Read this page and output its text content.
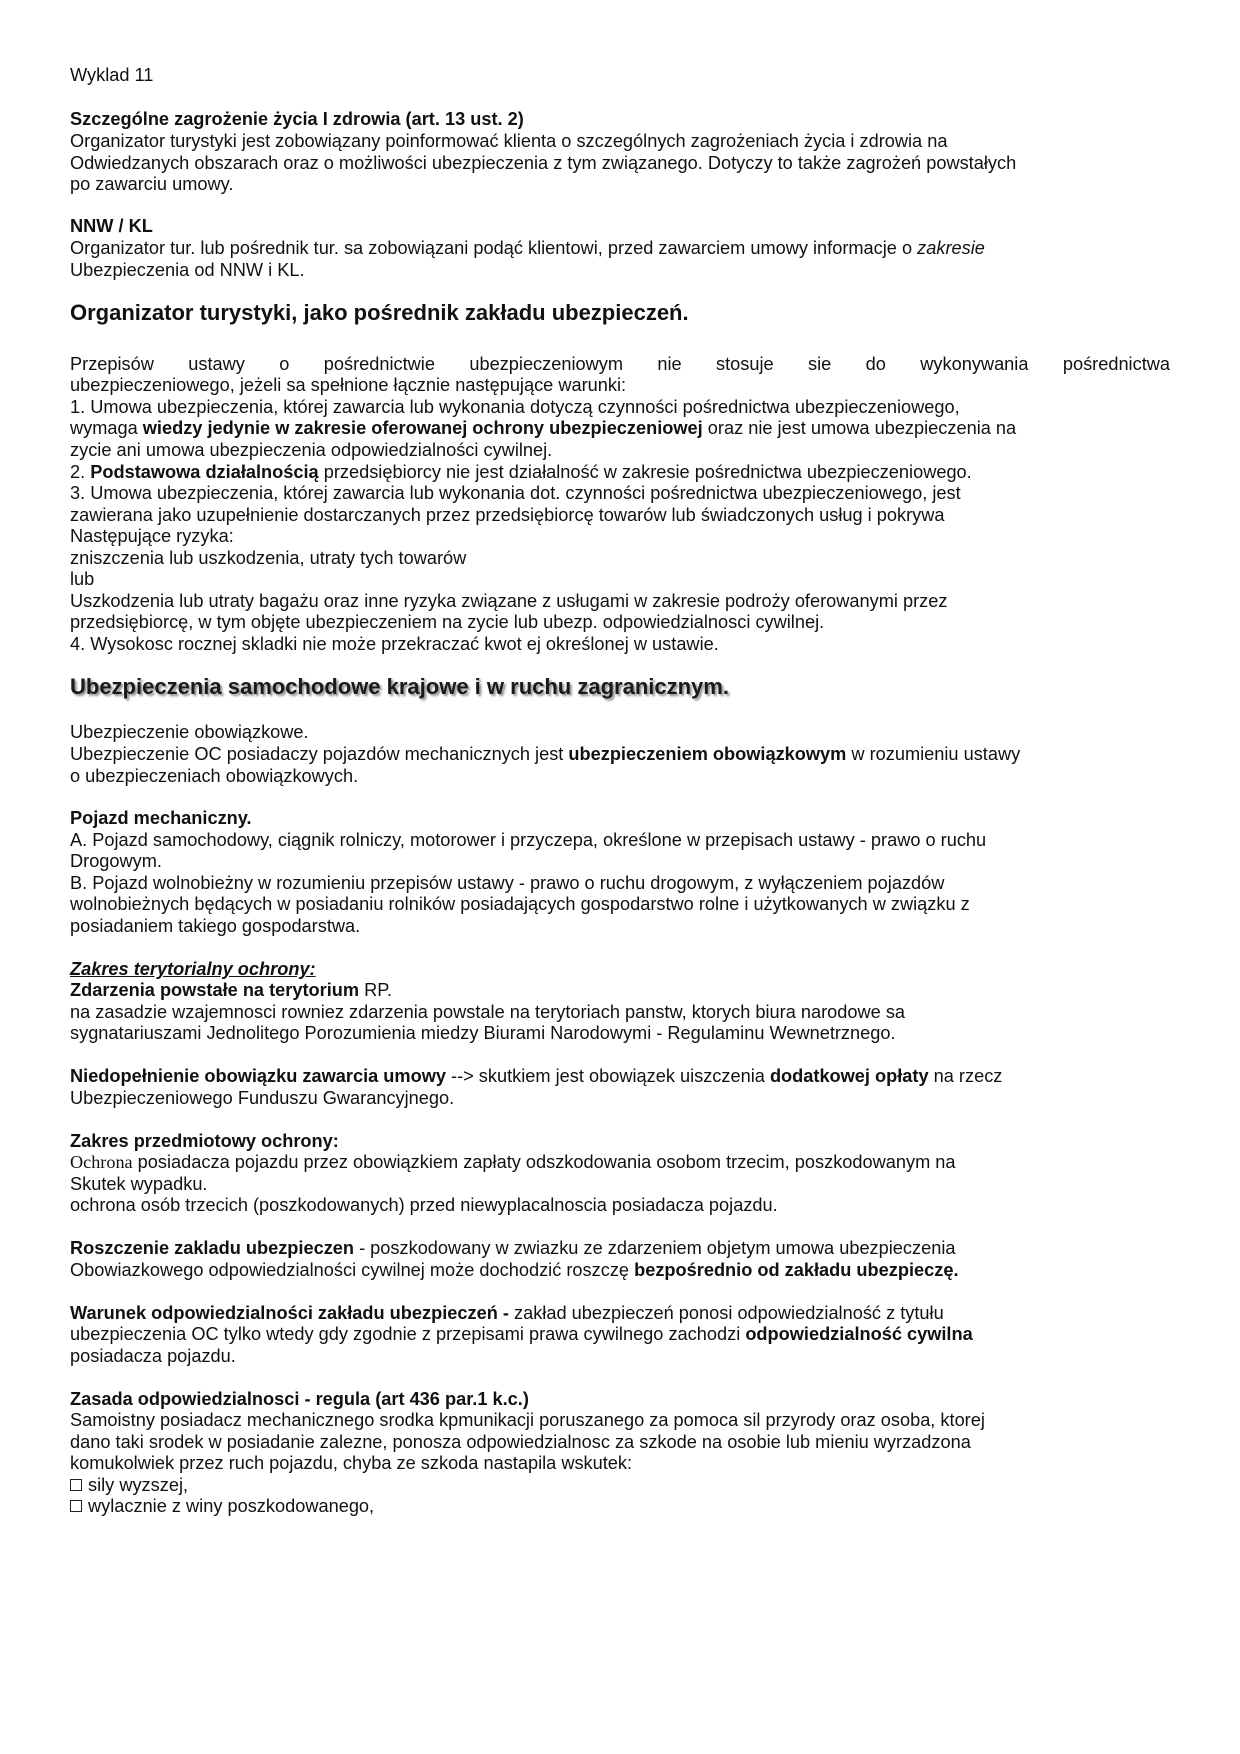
Wyklad 11
Szczególne zagrożenie życia I zdrowia (art. 13 ust. 2)
Organizator turystyki jest zobowiązany poinformować klienta o szczególnych zagrożeniach życia i zdrowia na
Odwiedzanych obszarach oraz o możliwości ubezpieczenia z tym związanego. Dotyczy to także zagrożeń powstałych
po zawarciu umowy.
NNW / KL
Organizator tur. lub pośrednik tur. sa zobowiązani podąć klientowi, przed zawarciem umowy informacje o zakresie
Ubezpieczenia od NNW i KL.
Organizator turystyki, jako pośrednik zakładu ubezpieczeń.
Przepisów ustawy o pośrednictwie ubezpieczeniowym nie stosuje sie do wykonywania pośrednictwa
ubezpieczeniowego, jeżeli sa spełnione łącznie następujące warunki:
1. Umowa ubezpieczenia, której zawarcia lub wykonania dotyczą czynności pośrednictwa ubezpieczeniowego,
wymaga wiedzy jedynie w zakresie oferowanej ochrony ubezpieczeniowej oraz nie jest umowa ubezpieczenia na
zycie ani umowa ubezpieczenia odpowiedzialności cywilnej.
2. Podstawowa działalnością przedsiębiorcy nie jest działalność w zakresie pośrednictwa ubezpieczeniowego.
3. Umowa ubezpieczenia, której zawarcia lub wykonania dot. czynności pośrednictwa ubezpieczeniowego, jest
zawierana jako uzupełnienie dostarczanych przez przedsiębiorcę towarów lub świadczonych usług i pokrywa
Następujące ryzyka:
zniszczenia lub uszkodzenia, utraty tych towarów
lub
Uszkodzenia lub utraty bagażu oraz inne ryzyka związane z usługami w zakresie podroży oferowanymi przez
przedsiębiorcę, w tym objęte ubezpieczeniem na zycie lub ubezp. odpowiedzialnosci cywilnej.
4. Wysokosc rocznej skladki nie może przekraczać kwot ej określonej w ustawie.
Ubezpieczenia samochodowe krajowe i w ruchu zagranicznym.
Ubezpieczenie obowiązkowe.
Ubezpieczenie OC posiadaczy pojazdów mechanicznych jest ubezpieczeniem obowiązkowym w rozumieniu ustawy
o ubezpieczeniach obowiązkowych.
Pojazd mechaniczny.
A. Pojazd samochodowy, ciągnik rolniczy, motorower i przyczepa, określone w przepisach ustawy - prawo o ruchu
Drogowym.
B. Pojazd wolnobieżny w rozumieniu przepisów ustawy - prawo o ruchu drogowym, z wyłączeniem pojazdów
wolnobieżnych będących w posiadaniu rolników posiadających gospodarstwo rolne i użytkowanych w związku z
posiadaniem takiego gospodarstwa.
Zakres terytorialny ochrony:
Zdarzenia powstałe na terytorium RP.
na zasadzie wzajemnosci rowniez zdarzenia powstale na terytoriach panstw, ktorych biura narodowe sa
sygnatariuszami Jednolitego Porozumienia miedzy Biurami Narodowymi - Regulaminu Wewnetrznego.
Niedopełnienie obowiązku zawarcia umowy --> skutkiem jest obowiązek uiszczenia dodatkowej opłaty na rzecz
Ubezpieczeniowego Funduszu Gwarancyjnego.
Zakres przedmiotowy ochrony:
Ochrona posiadacza pojazdu przez obowiązkiem zapłaty odszkodowania osobom trzecim, poszkodowanym na
Skutek wypadku.
ochrona osób trzecich (poszkodowanych) przed niewyplacalnoscia posiadacza pojazdu.
Roszczenie zakladu ubezpieczen - poszkodowany w zwiazku ze zdarzeniem objetym umowa ubezpieczenia
Obowiazkowego odpowiedzialności cywilnej może dochodzić roszczę bezpośrednio od zakładu ubezpieczę.
Warunek odpowiedzialności zakładu ubezpieczeń - zakład ubezpieczeń ponosi odpowiedzialność z tytułu
ubezpieczenia OC tylko wtedy gdy zgodnie z przepisami prawa cywilnego zachodzi odpowiedzialność cywilna
posiadacza pojazdu.
Zasada odpowiedzialnosci - regula (art 436 par.1 k.c.)
Samoistny posiadacz mechanicznego srodka kpmunikacji poruszanego za pomoca sil przyrody oraz osoba, ktorej
dano taki srodek w posiadanie zalezne, ponosza odpowiedzialnosc za szkode na osobie lub mieniu wyrzadzona
komukolwiek przez ruch pojazdu, chyba ze szkoda nastapila wskutek:
sily wyzszej,
wylacznie z winy poszkodowanego,
